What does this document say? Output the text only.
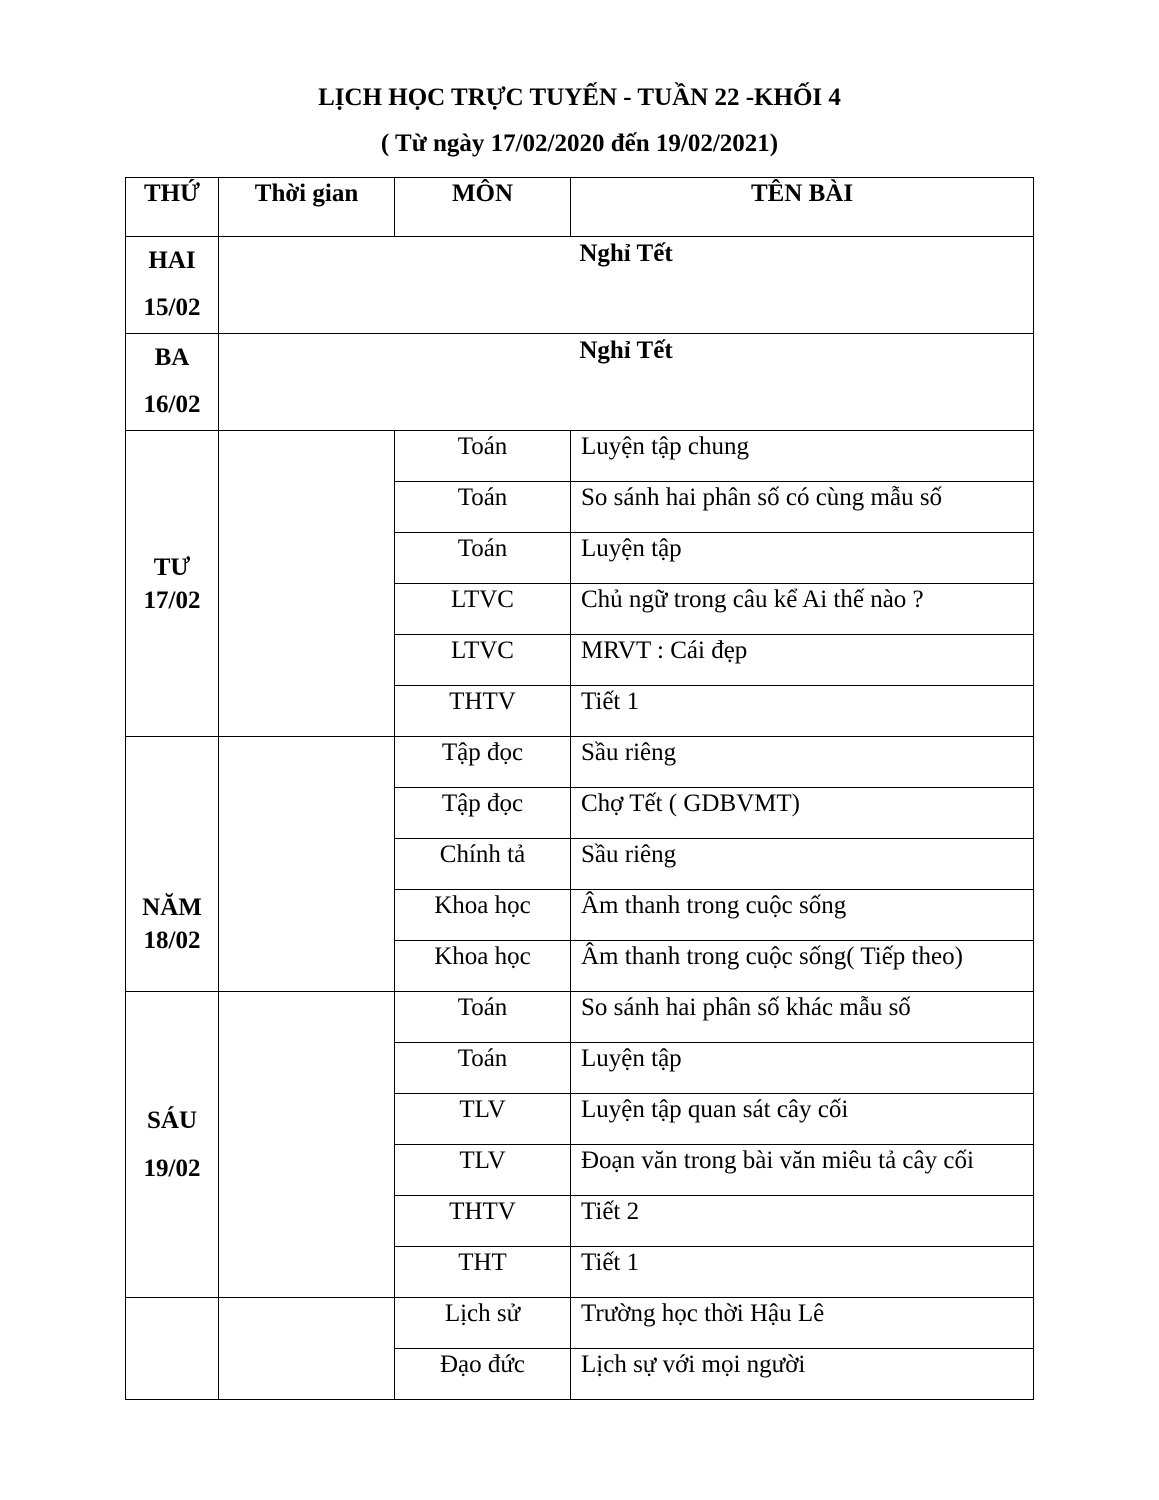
LỊCH HỌC TRỰC TUYẾN - TUẦN 22 -KHỐI 4
( Từ ngày 17/02/2020 đến 19/02/2021)
THỨ	Thời gian	MÔN	TÊN BÀI

HAI
15/02	Nghỉ Tết		

BA
16/02	Nghỉ Tết		

TƯ
17/02		Toán	Luyện tập chung
		Toán	So sánh hai phân số có cùng mẫu số
		Toán	Luyện tập
		LTVC	Chủ ngữ trong câu kể Ai thế nào ?
		LTVC	MRVT : Cái đẹp
		THTV	Tiết 1

NĂM
18/02		Tập đọc	Sầu riêng
		Tập đọc	Chợ Tết ( GDBVMT)
		Chính tả	Sầu riêng
		Khoa học	Âm thanh trong cuộc sống
		Khoa học	Âm thanh trong cuộc sống( Tiếp theo)

SÁU
19/02		Toán	So sánh hai phân số khác mẫu số
		Toán	Luyện tập
		TLV	Luyện tập quan sát cây cối
		TLV	Đoạn văn trong bài văn miêu tả cây cối
		THTV	Tiết 2
		THT	Tiết 1

		Lịch sử	Trường học thời Hậu Lê
		Đạo đức	Lịch sự với mọi người
